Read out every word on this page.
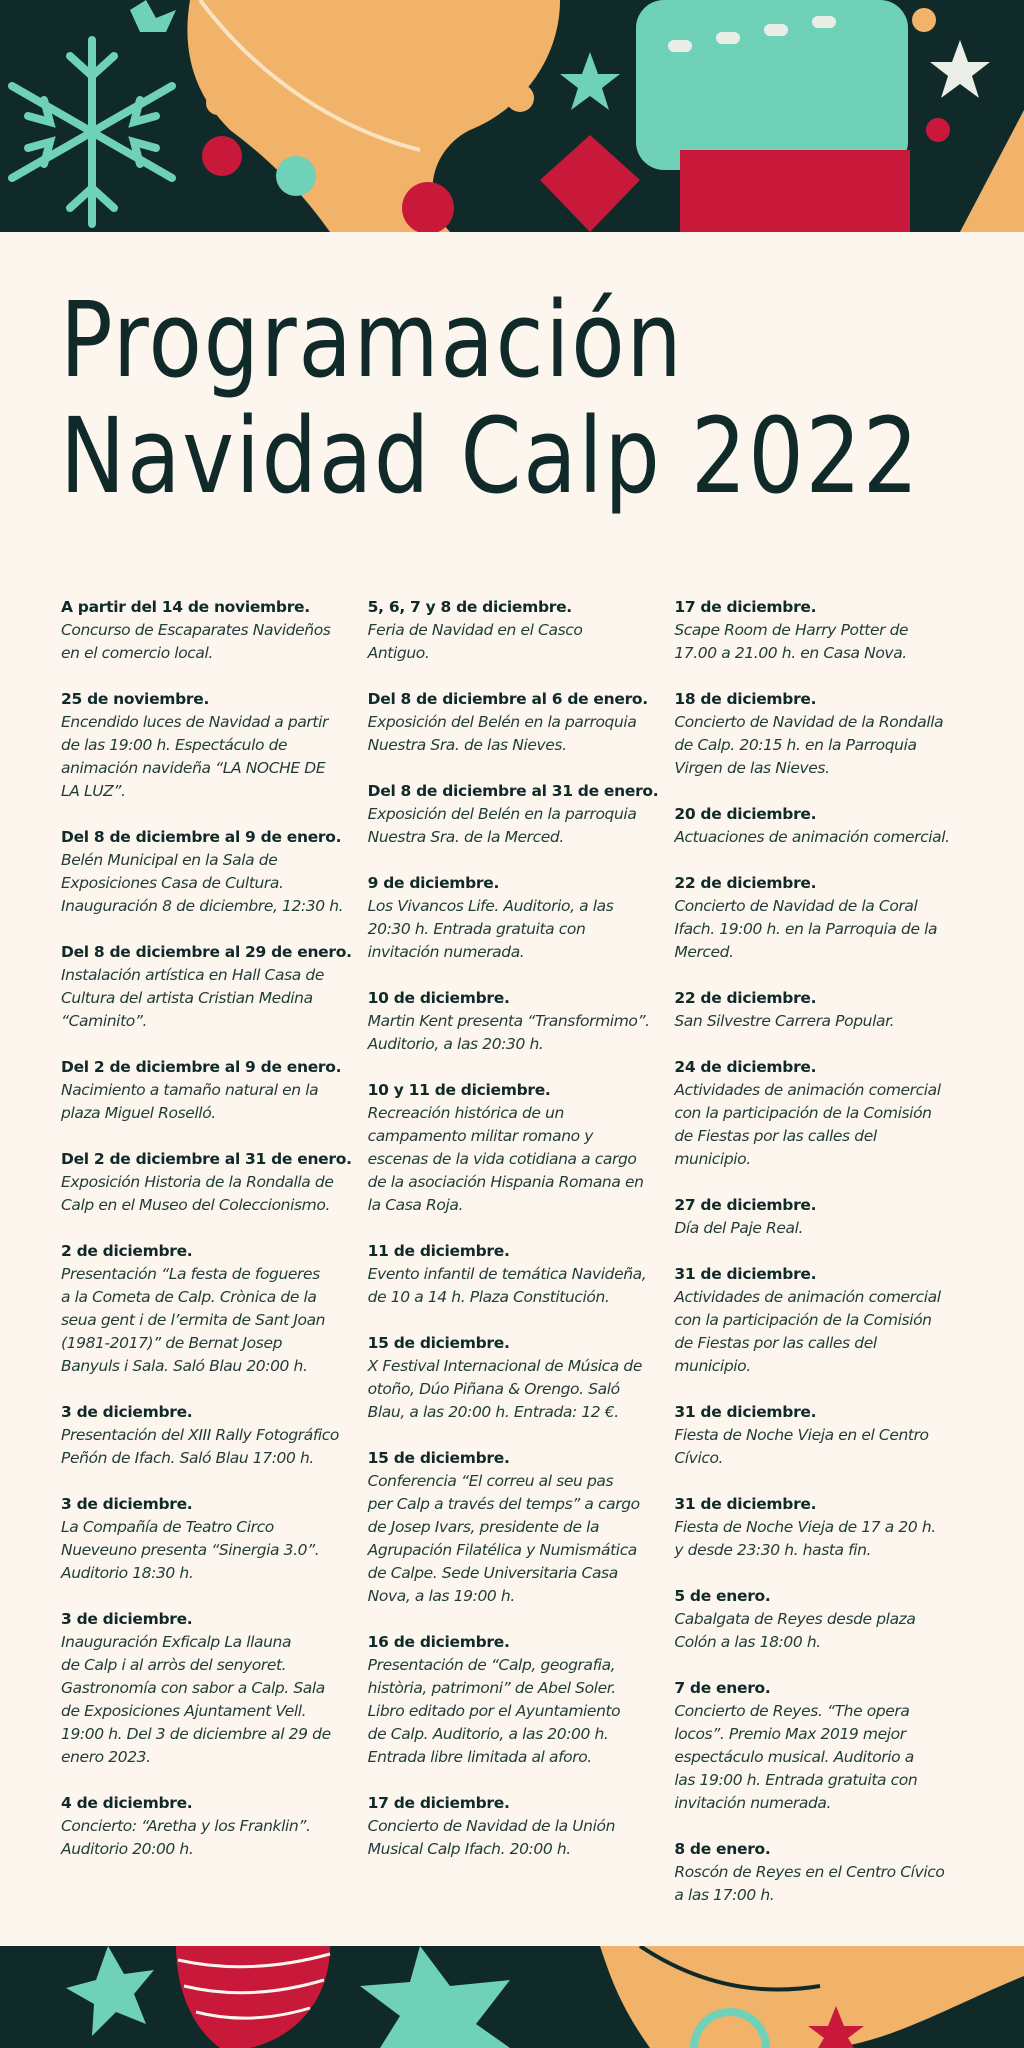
Programación
Navidad Calp 2022
A partir del 14 de noviembre.
Concurso de Escaparates Navideños
en el comercio local.
25 de noviembre.
Encendido luces de Navidad a partir
de las 19:00 h. Espectáculo de
animación navideña “LA NOCHE DE
LA LUZ”.
Del 8 de diciembre al 9 de enero.
Belén Municipal en la Sala de
Exposiciones Casa de Cultura.
Inauguración 8 de diciembre, 12:30 h.
Del 8 de diciembre al 29 de enero.
Instalación artística en Hall Casa de
Cultura del artista Cristian Medina
“Caminito”.
Del 2 de diciembre al 9 de enero.
Nacimiento a tamaño natural en la
plaza Miguel Roselló.
Del 2 de diciembre al 31 de enero.
Exposición Historia de la Rondalla de
Calp en el Museo del Coleccionismo.
2 de diciembre.
Presentación “La festa de fogueres
a la Cometa de Calp. Crònica de la
seua gent i de l’ermita de Sant Joan
(1981-2017)” de Bernat Josep
Banyuls i Sala. Saló Blau 20:00 h.
3 de diciembre.
Presentación del XIII Rally Fotográfico
Peñón de Ifach. Saló Blau 17:00 h.
3 de diciembre.
La Compañía de Teatro Circo
Nueveuno presenta “Sinergia 3.0”.
Auditorio 18:30 h.
3 de diciembre.
Inauguración Exficalp La llauna
de Calp i al arròs del senyoret.
Gastronomía con sabor a Calp. Sala
de Exposiciones Ajuntament Vell.
19:00 h. Del 3 de diciembre al 29 de
enero 2023.
4 de diciembre.
Concierto: “Aretha y los Franklin”.
Auditorio 20:00 h.
5, 6, 7 y 8 de diciembre.
Feria de Navidad en el Casco
Antiguo.
Del 8 de diciembre al 6 de enero.
Exposición del Belén en la parroquia
Nuestra Sra. de las Nieves.
Del 8 de diciembre al 31 de enero.
Exposición del Belén en la parroquia
Nuestra Sra. de la Merced.
9 de diciembre.
Los Vivancos Life. Auditorio, a las
20:30 h. Entrada gratuita con
invitación numerada.
10 de diciembre.
Martin Kent presenta “Transformimo”.
Auditorio, a las 20:30 h.
10 y 11 de diciembre.
Recreación histórica de un
campamento militar romano y
escenas de la vida cotidiana a cargo
de la asociación Hispania Romana en
la Casa Roja.
11 de diciembre.
Evento infantil de temática Navideña,
de 10 a 14 h. Plaza Constitución.
15 de diciembre.
X Festival Internacional de Música de
otoño, Dúo Piñana & Orengo. Saló
Blau, a las 20:00 h. Entrada: 12 €.
15 de diciembre.
Conferencia “El correu al seu pas
per Calp a través del temps” a cargo
de Josep Ivars, presidente de la
Agrupación Filatélica y Numismática
de Calpe. Sede Universitaria Casa
Nova, a las 19:00 h.
16 de diciembre.
Presentación de “Calp, geografia,
història, patrimoni” de Abel Soler.
Libro editado por el Ayuntamiento
de Calp. Auditorio, a las 20:00 h.
Entrada libre limitada al aforo.
17 de diciembre.
Concierto de Navidad de la Unión
Musical Calp Ifach. 20:00 h.
17 de diciembre.
Scape Room de Harry Potter de
17.00 a 21.00 h. en Casa Nova.
18 de diciembre.
Concierto de Navidad de la Rondalla
de Calp. 20:15 h. en la Parroquia
Virgen de las Nieves.
20 de diciembre.
Actuaciones de animación comercial.
22 de diciembre.
Concierto de Navidad de la Coral
Ifach. 19:00 h. en la Parroquia de la
Merced.
22 de diciembre.
San Silvestre Carrera Popular.
24 de diciembre.
Actividades de animación comercial
con la participación de la Comisión
de Fiestas por las calles del
municipio.
27 de diciembre.
Día del Paje Real.
31 de diciembre.
Actividades de animación comercial
con la participación de la Comisión
de Fiestas por las calles del
municipio.
31 de diciembre.
Fiesta de Noche Vieja en el Centro
Cívico.
31 de diciembre.
Fiesta de Noche Vieja de 17 a 20 h.
y desde 23:30 h. hasta fin.
5 de enero.
Cabalgata de Reyes desde plaza
Colón a las 18:00 h.
7 de enero.
Concierto de Reyes. “The opera
locos”. Premio Max 2019 mejor
espectáculo musical. Auditorio a
las 19:00 h. Entrada gratuita con
invitación numerada.
8 de enero.
Roscón de Reyes en el Centro Cívico
a las 17:00 h.
